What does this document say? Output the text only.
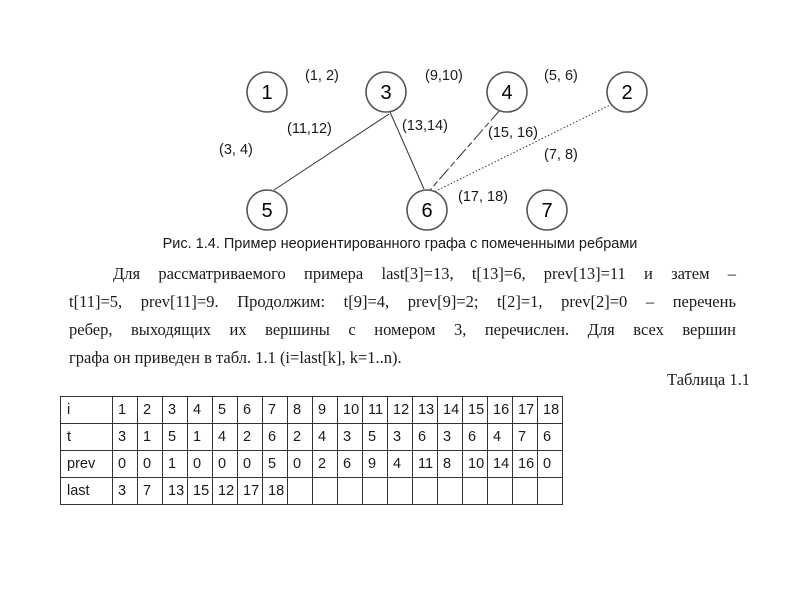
1	3	4	2
5	6	7
(1, 2)	(9,10)	(5, 6)
(11,12)	(13,14)
(3, 4)
(15, 16)
(7, 8)
(17, 18)
Рис. 1.4. Пример неориентированного графа с помеченными ребрами
Для рассматриваемого примера last[3]=13, t[13]=6, prev[13]=11 и затем –
t[11]=5, prev[11]=9. Продолжим: t[9]=4, prev[9]=2; t[2]=1, prev[2]=0 – перечень
ребер, выходящих их вершины с номером 3, перечислен. Для всех вершин
графа он приведен в табл. 1.1 (i=last[k], k=1..n).
Таблица 1.1
i	1	2	3	4	5	6	7	8	9	10	11	12	13	14	15	16	17	18
t	3	1	5	1	4	2	6	2	4	3	5	3	6	3	6	4	7	6
prev	0	0	1	0	0	0	5	0	2	6	9	4	11	8	10	14	16	0
last	3	7	13	15	12	17	18											
